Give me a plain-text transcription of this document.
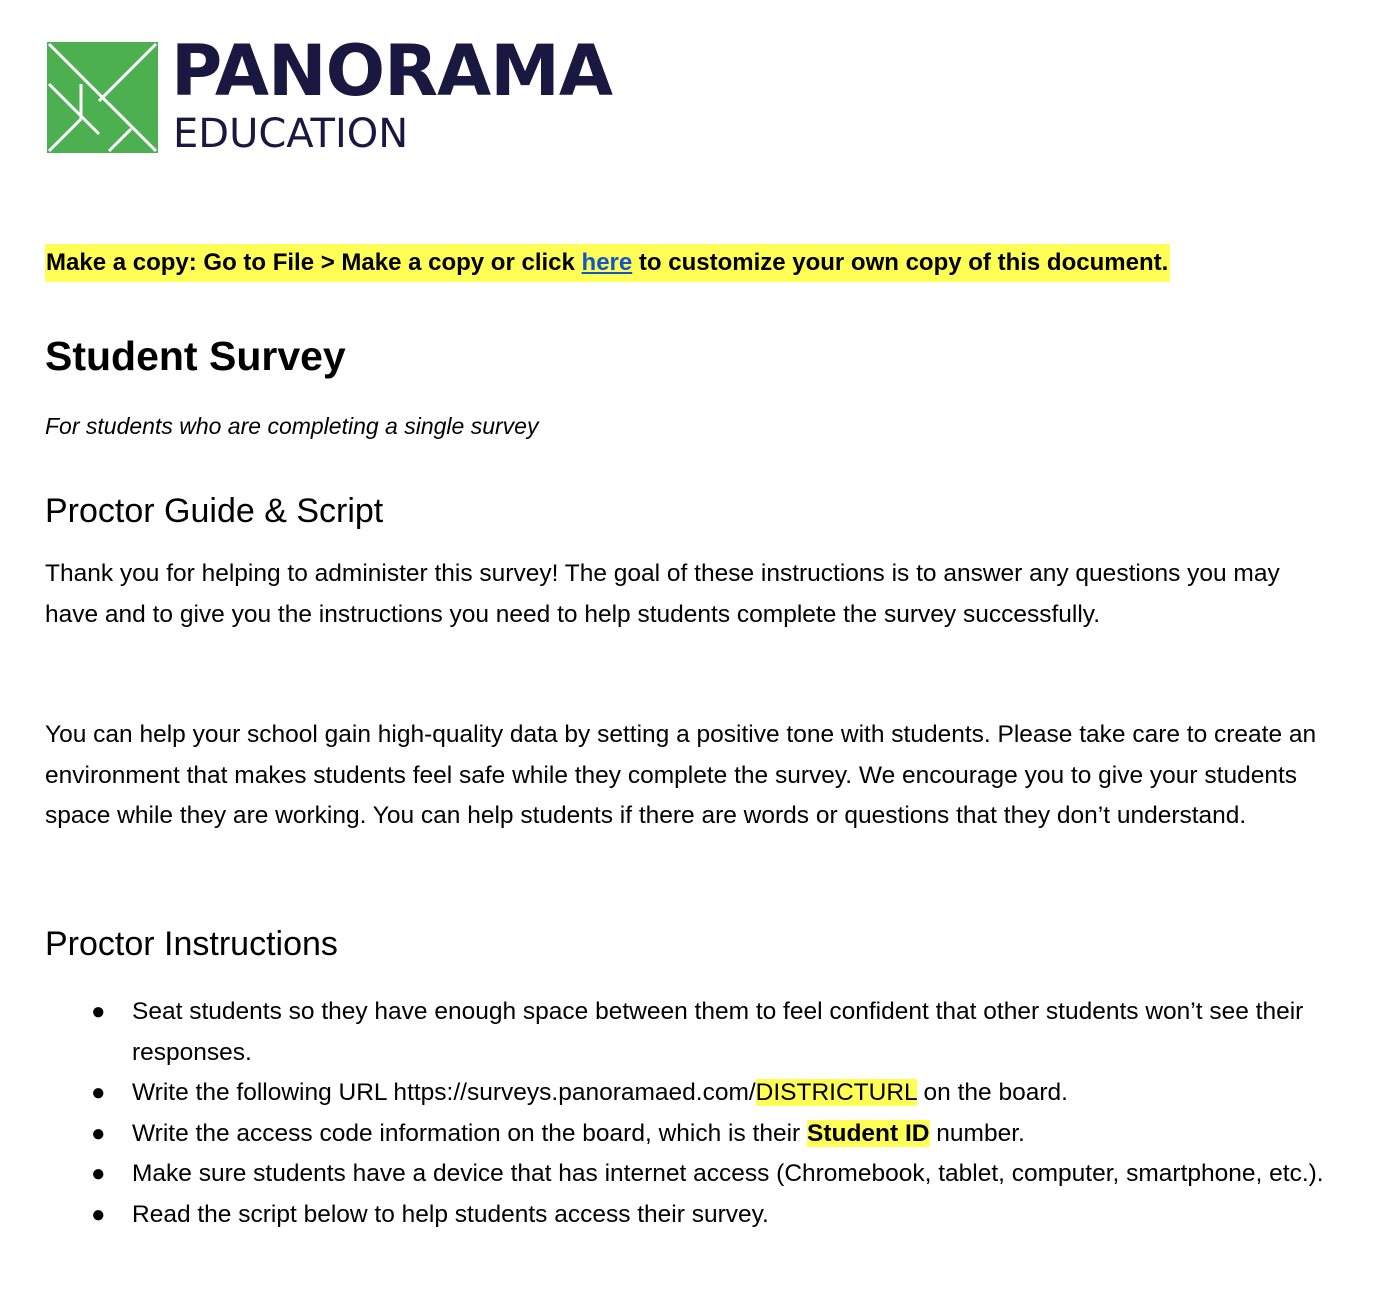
PANORAMA
EDUCATION
Make a copy: Go to File > Make a copy or click here to customize your own copy of this document.
Student Survey
For students who are completing a single survey
Proctor Guide & Script

Thank you for helping to administer this survey! The goal of these instructions is to answer any questions you may have and to give you the instructions you need to help students complete the survey successfully.

You can help your school gain high-quality data by setting a positive tone with students. Please take care to create an environment that makes students feel safe while they complete the survey. We encourage you to give your students space while they are working. You can help students if there are words or questions that they don’t understand.

Proctor Instructions
● Seat students so they have enough space between them to feel confident that other students won’t see their responses.
● Write the following URL https://surveys.panoramaed.com/DISTRICTURL on the board.
● Write the access code information on the board, which is their Student ID number.
● Make sure students have a device that has internet access (Chromebook, tablet, computer, smartphone, etc.).
● Read the script below to help students access their survey.
